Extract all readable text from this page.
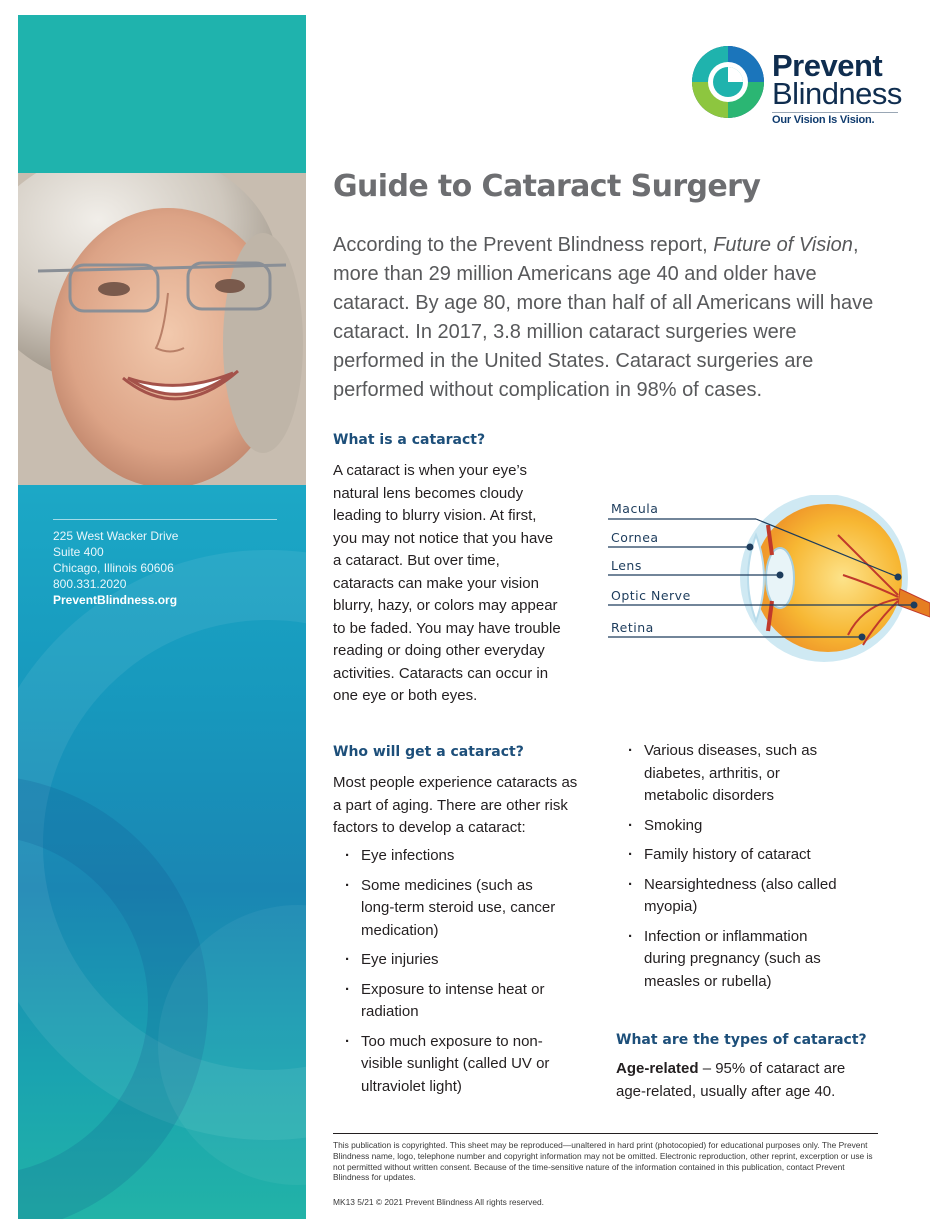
225 West Wacker Drive
Suite 400
Chicago, Illinois 60606
800.331.2020
PreventBlindness.org
Prevent
Blindness
Our Vision Is Vision.
Guide to Cataract Surgery

According to the Prevent Blindness report, Future of Vision, more than 29 million Americans age 40 and older have cataract. By age 80, more than half of all Americans will have cataract. In 2017, 3.8 million cataract surgeries were performed in the United States. Cataract surgeries are performed without complication in 98% of cases.

What is a cataract?

A cataract is when your eye’s natural lens becomes cloudy leading to blurry vision. At first, you may not notice that you have a cataract. But over time, cataracts can make your vision blurry, hazy, or colors may appear to be faded. You may have trouble reading or doing other everyday activities. Cataracts can occur in one eye or both eyes.

Macula
Cornea
Lens
Optic Nerve
Retina
Who will get a cataract?

Most people experience cataracts as a part of aging. There are other risk factors to develop a cataract:

· Eye infections
· Some medicines (such as long-term steroid use, cancer medication)
· Eye injuries
· Exposure to intense heat or radiation
· Too much exposure to non-visible sunlight (called UV or ultraviolet light)
· Various diseases, such as diabetes, arthritis, or metabolic disorders
· Smoking
· Family history of cataract
· Nearsightedness (also called myopia)
· Infection or inflammation during pregnancy (such as measles or rubella)
What are the types of cataract?

Age-related – 95% of cataract are age-related, usually after age 40.

This publication is copyrighted. This sheet may be reproduced—unaltered in hard print (photocopied) for educational purposes only. The Prevent Blindness name, logo, telephone number and copyright information may not be omitted. Electronic reproduction, other reprint, excerption or use is not permitted without written consent. Because of the time-sensitive nature of the information contained in this publication, contact Prevent Blindness for updates.

MK13 5/21 © 2021 Prevent Blindness All rights reserved.
